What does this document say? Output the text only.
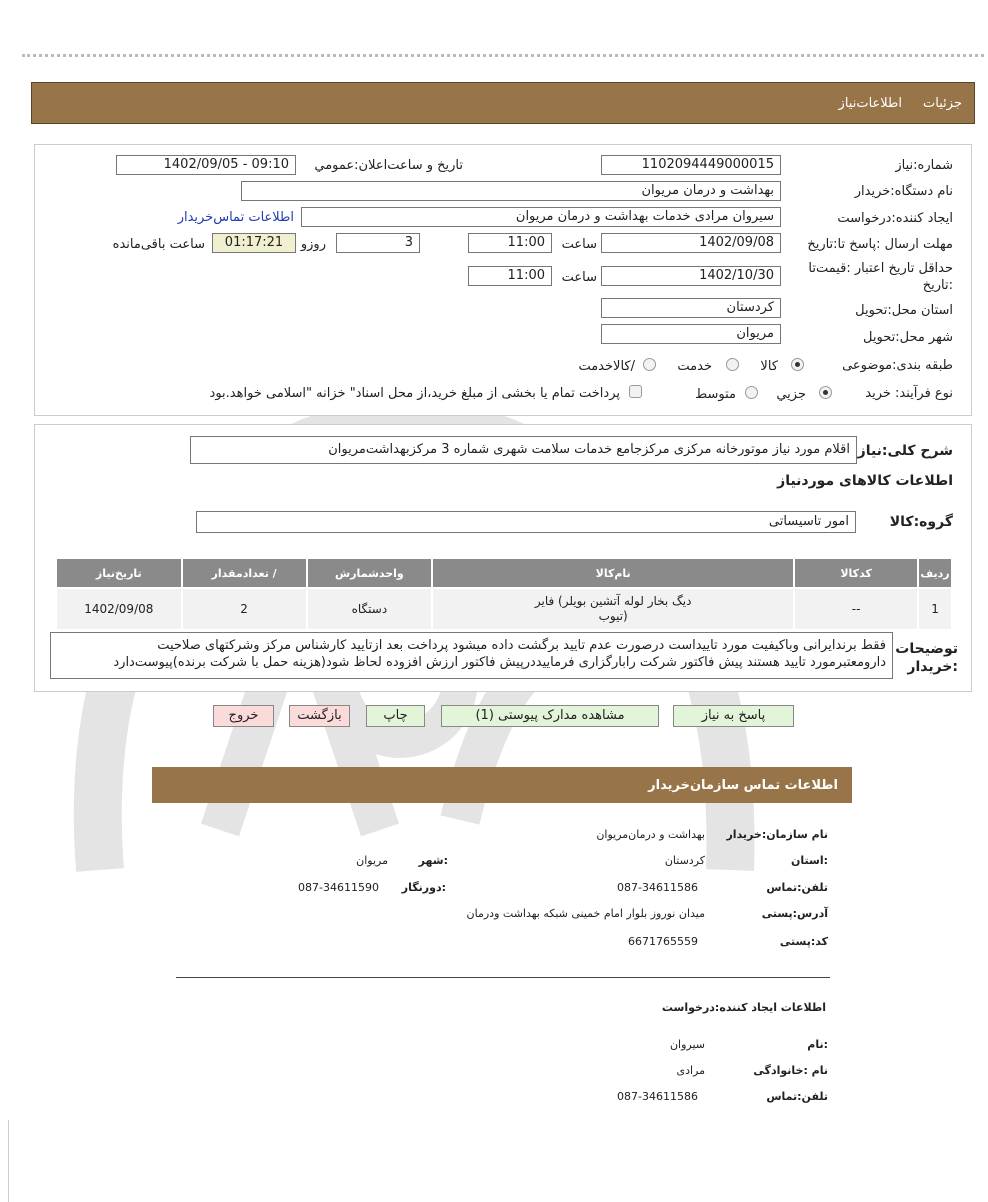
جزئیات
اطلاعات‌نیاز
شماره:نیاز
1102094449000015
تاریخ و ساعت‌اعلان:عمومي
1402/09/05 - 09:10
نام دستگاه:خریدار
بهداشت و درمان مریوان
ایجاد کننده:درخواست
سیروان مرادی خدمات بهداشت و درمان مریوان
اطلاعات تماس‌خریدار
مهلت ارسال :پاسخ تا:تاریخ
1402/09/08
ساعت
11:00
3
روزو
01:17:21
ساعت باقی‌مانده
حداقل تاریخ اعتبار :قیمت‌تا
:تاریخ
1402/10/30
ساعت
11:00
استان محل:تحویل
کردستان
شهر محل:تحویل
مریوان
طبقه بندی:موضوعی
کالا
خدمت
/کالاخدمت
نوع فرآیند: خرید
جزیي
متوسط
پرداخت تمام یا بخشی از مبلغ خرید،از محل اسناد" خزانه "اسلامی خواهد.بود
شرح کلی:نیاز
اقلام مورد نیاز موتورخانه مرکزی مرکزجامع خدمات سلامت شهری شماره 3 مرکزبهداشت‌مریوان
اطلاعات کالاهای مورد‌نیاز
گروه:کالا
امور تاسیساتی
ردیف	کدکالا	نام‌کالا	واحدشمارش	/ تعدادمقدار	تاریخ‌نیاز
1	--	دیگ بخار لوله آتشین بویلر) فایر (تیوب	دستگاه	2	1402/09/08
توضیحات :خریدار
فقط برندایرانی وباکیفیت مورد تاییداست درصورت عدم تایید برگشت داده میشود پرداخت بعد ازتایید کارشناس مرکز وشرکتهای صلاحیت
دارومعتبرمورد تایید هستند پیش فاکتور شرکت رابارگزاری فرمایید‌درپیش فاکتور ارزش افزوده لحاظ شود(هزینه حمل با شرکت برنده)پیوست‌دارد
پاسخ به نیاز
مشاهده مدارک پیوستی (1)
چاپ
بازگشت
خروج
اطلاعات تماس سازمان‌خریدار
نام سازمان:خریدار
بهداشت و درمان‌مریوان
:استان
کردستان
:شهر
مریوان
تلفن:تماس
087-34611586
:دورنگار
087-34611590
آدرس:پستی
میدان نوروز بلوار امام خمینی شبکه بهداشت ودرمان
کد:پستی
6671765559
اطلاعات ایجاد کننده:درخواست
:نام
سیروان
نام :خانوادگی
مرادی
تلفن:تماس
087-34611586
